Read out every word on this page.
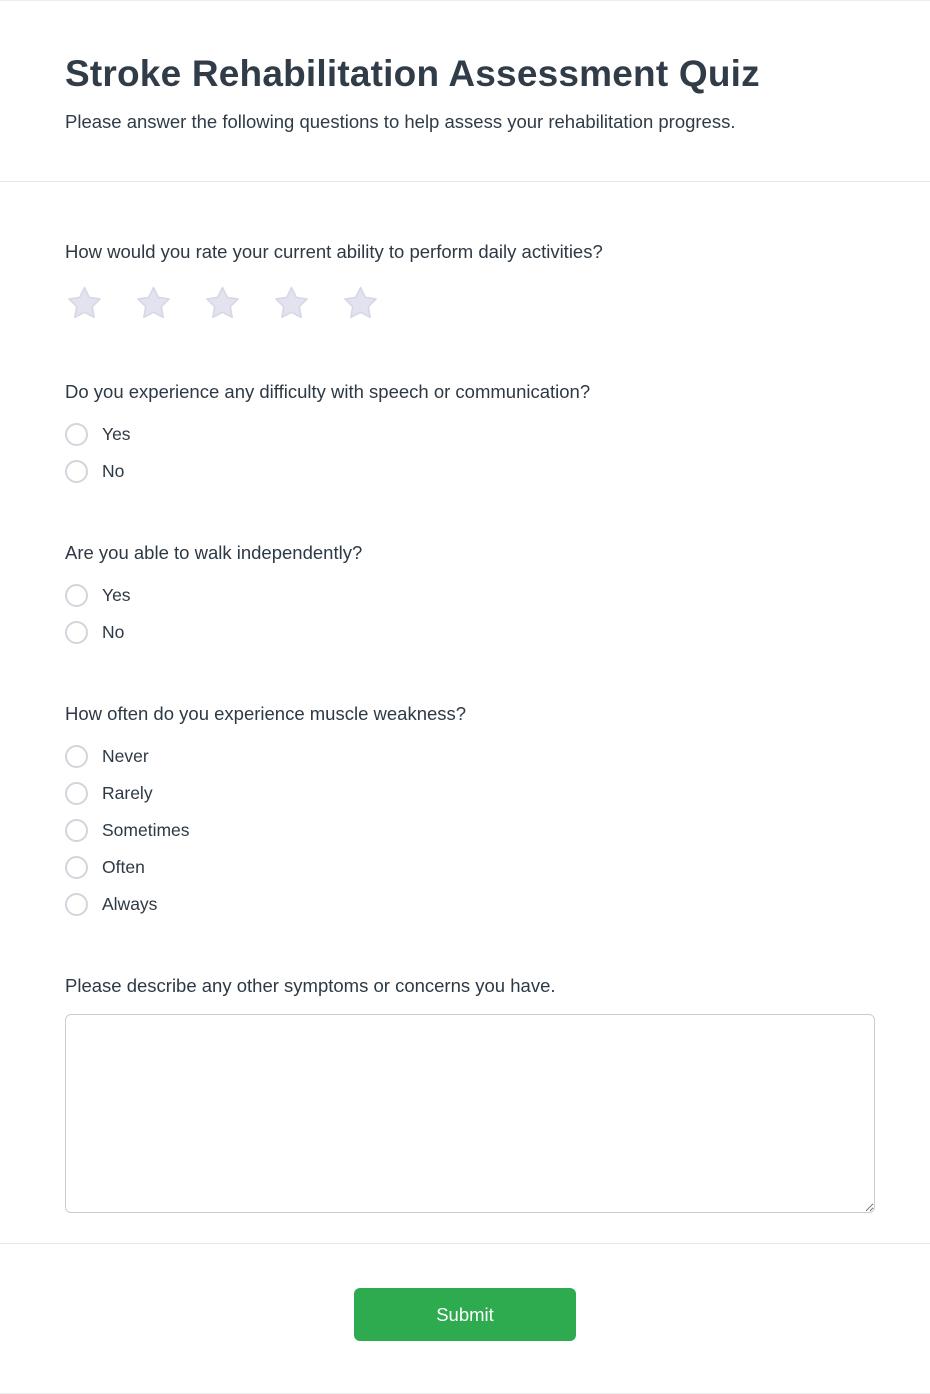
Stroke Rehabilitation Assessment Quiz
Please answer the following questions to help assess your rehabilitation progress.
How would you rate your current ability to perform daily activities?
Do you experience any difficulty with speech or communication?
Yes
No
Are you able to walk independently?
Yes
No
How often do you experience muscle weakness?
Never
Rarely
Sometimes
Often
Always
Please describe any other symptoms or concerns you have.
Submit
